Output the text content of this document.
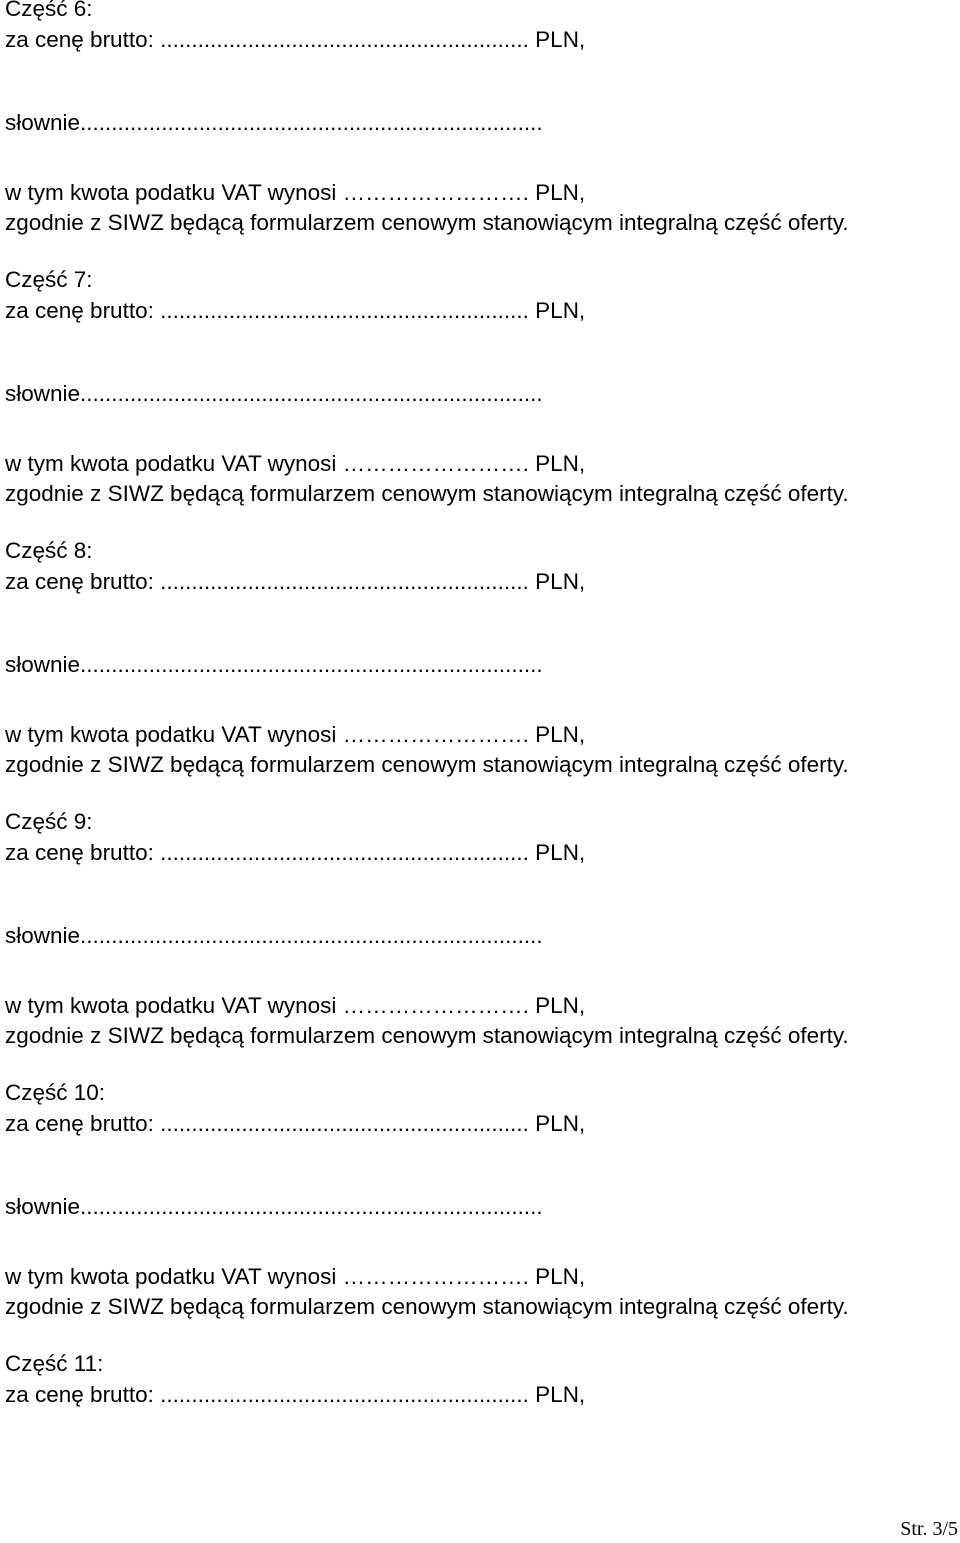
Część 6:

za cenę brutto: ........................................................... PLN,

słownie..........................................................................

w tym kwota podatku VAT wynosi ……………………. PLN,

zgodnie z SIWZ będącą formularzem cenowym stanowiącym integralną część oferty.

Część 7:

za cenę brutto: ........................................................... PLN,

słownie..........................................................................

w tym kwota podatku VAT wynosi ……………………. PLN,

zgodnie z SIWZ będącą formularzem cenowym stanowiącym integralną część oferty.

Część 8:

za cenę brutto: ........................................................... PLN,

słownie..........................................................................

w tym kwota podatku VAT wynosi ……………………. PLN,

zgodnie z SIWZ będącą formularzem cenowym stanowiącym integralną część oferty.

Część 9:

za cenę brutto: ........................................................... PLN,

słownie..........................................................................

w tym kwota podatku VAT wynosi ……………………. PLN,

zgodnie z SIWZ będącą formularzem cenowym stanowiącym integralną część oferty.

Część 10:

za cenę brutto: ........................................................... PLN,

słownie..........................................................................

w tym kwota podatku VAT wynosi ……………………. PLN,

zgodnie z SIWZ będącą formularzem cenowym stanowiącym integralną część oferty.

Część 11:

za cenę brutto: ........................................................... PLN,

Str. 3/5
